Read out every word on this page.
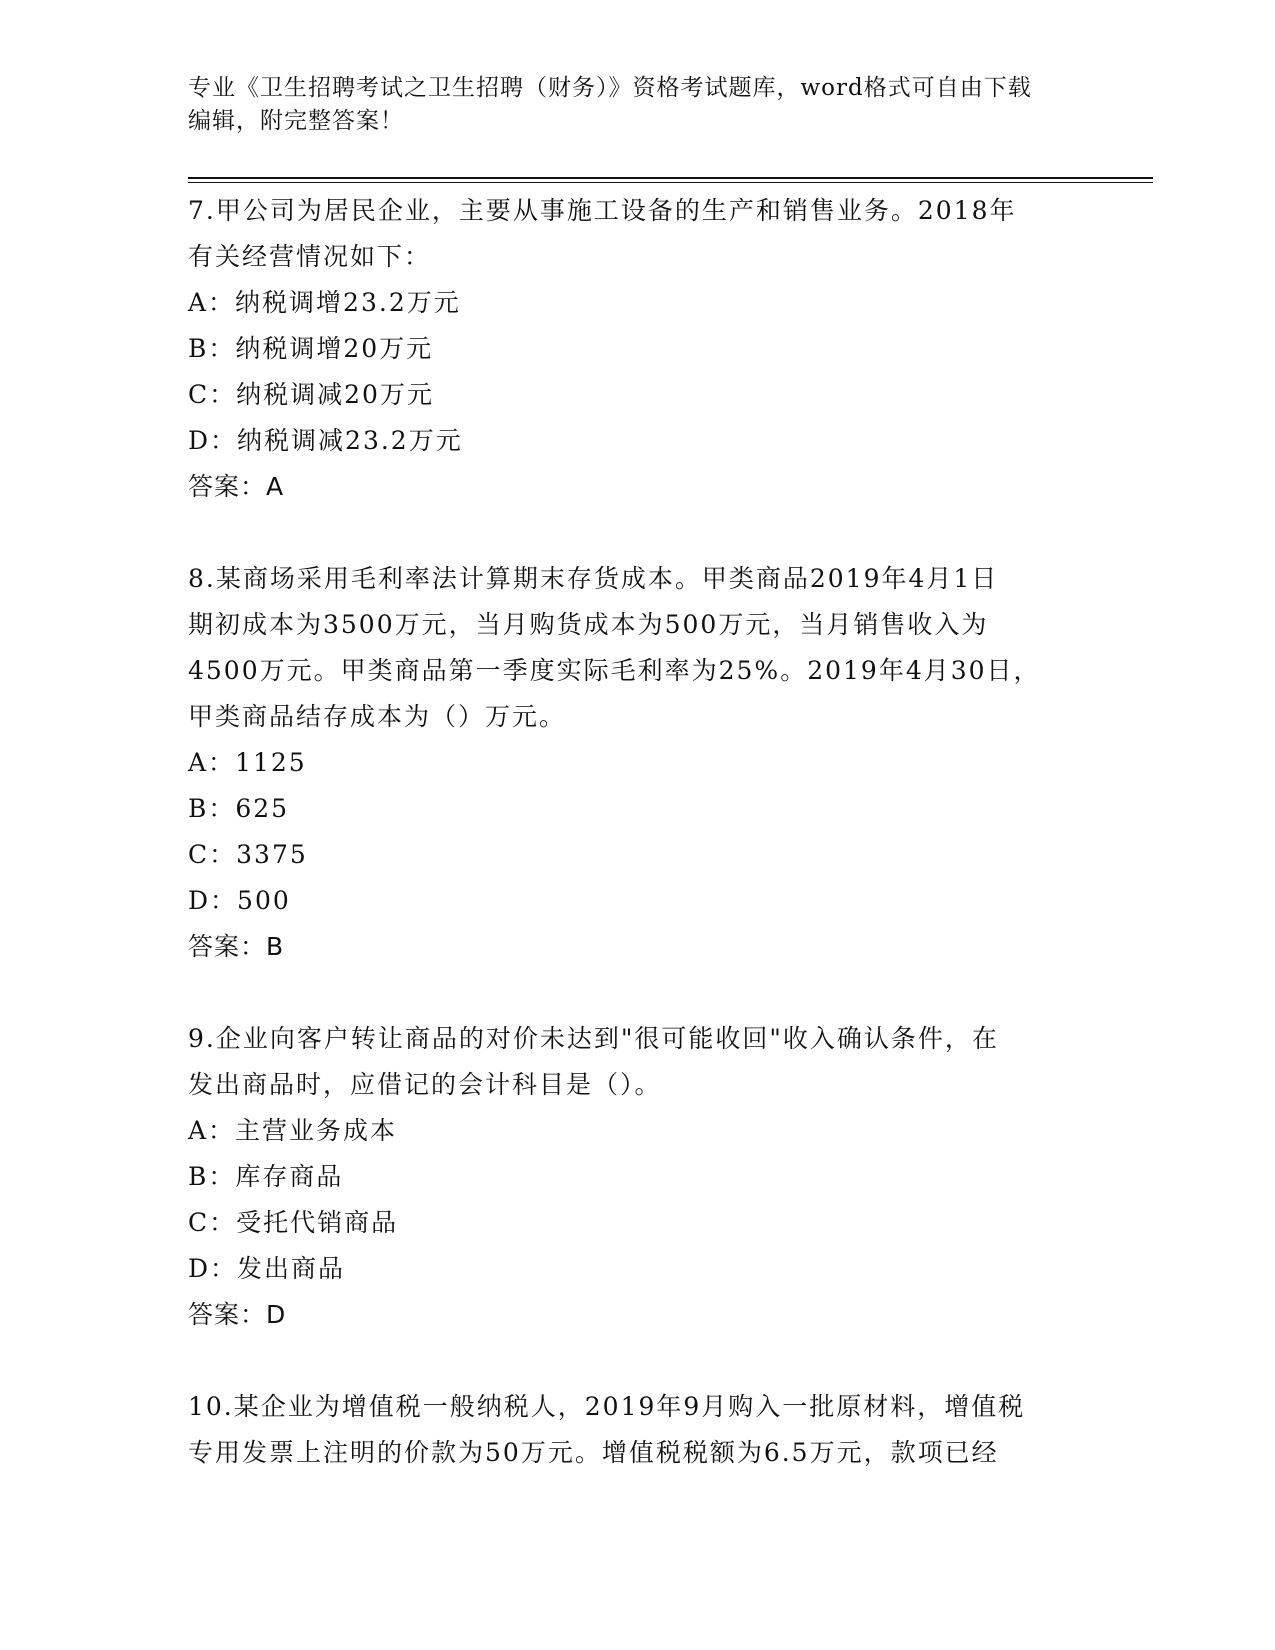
专业《卫生招聘考试之卫生招聘（财务）》资格考试题库，word格式可自由下载
编辑，附完整答案！

7.甲公司为居民企业，主要从事施工设备的生产和销售业务。2018年

有关经营情况如下：

A：纳税调增23.2万元

B：纳税调增20万元

C：纳税调减20万元

D：纳税调减23.2万元

答案：A

8.某商场采用毛利率法计算期末存货成本。甲类商品2019年4月1日

期初成本为3500万元，当月购货成本为500万元，当月销售收入为

4500万元。甲类商品第一季度实际毛利率为25%。2019年4月30日，

甲类商品结存成本为（）万元。

A：1125

B：625

C：3375

D：500

答案：B

9.企业向客户转让商品的对价未达到"很可能收回"收入确认条件，在

发出商品时，应借记的会计科目是（）。

A：主营业务成本

B：库存商品

C：受托代销商品

D：发出商品

答案：D

10.某企业为增值税一般纳税人，2019年9月购入一批原材料，增值税

专用发票上注明的价款为50万元。增值税税额为6.5万元，款项已经
